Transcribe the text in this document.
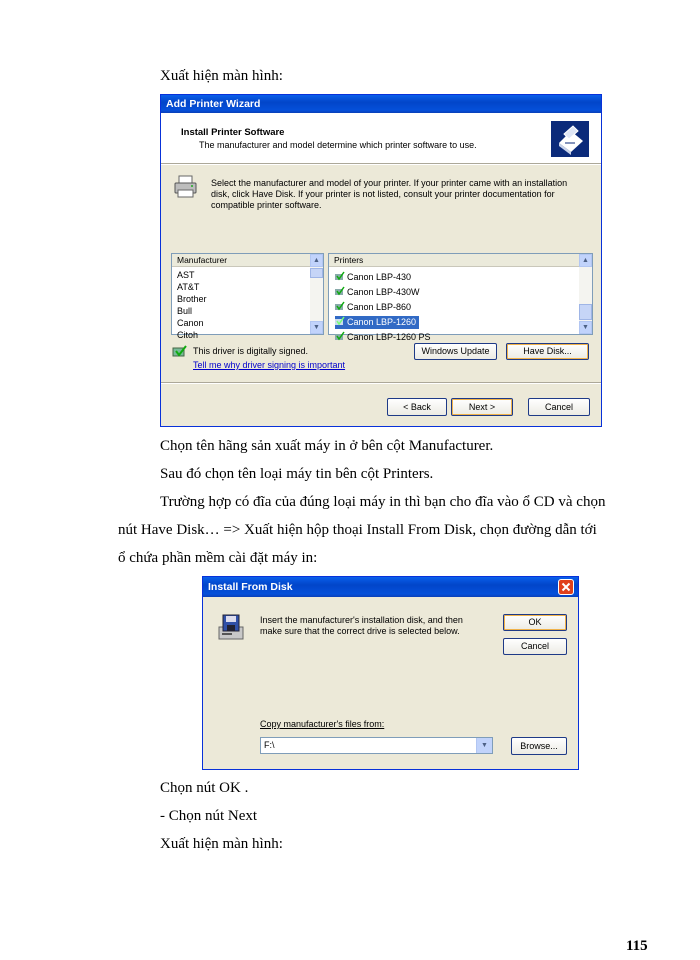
Xuất hiện màn hình:
Add Printer Wizard
Install Printer Software
The manufacturer and model determine which printer software to use.
Select the manufacturer and model of your printer. If your printer came with an installation
disk, click Have Disk. If your printer is not listed, consult your printer documentation for
compatible printer software.
Manufacturer
AST
AT&T
Brother
Bull
Canon
Citoh
▲
▼
Printers
Canon LBP-430
Canon LBP-430W
Canon LBP-860
Canon LBP-1260
Canon LBP-1260 PS
▲
▼
This driver is digitally signed.
Tell me why driver signing is important
Windows Update	Have Disk...
< Back	Next >	Cancel
Chọn tên hãng sản xuất máy in ở bên cột Manufacturer.
Sau đó chọn tên loại máy tin bên cột Printers.
Trường hợp có đĩa của đúng loại máy in thì bạn cho đĩa vào ổ CD và chọn
nút Have Disk… => Xuất hiện hộp thoại Install From Disk, chọn đường dẫn tới
ổ chứa phần mềm cài đặt máy in:
Install From Disk
Insert the manufacturer's installation disk, and then
make sure that the correct drive is selected below.
OK
Cancel
Copy manufacturer's files from:
F:\	▼	Browse...
Chọn nút OK .
- Chọn nút Next
Xuất hiện màn hình:
115
